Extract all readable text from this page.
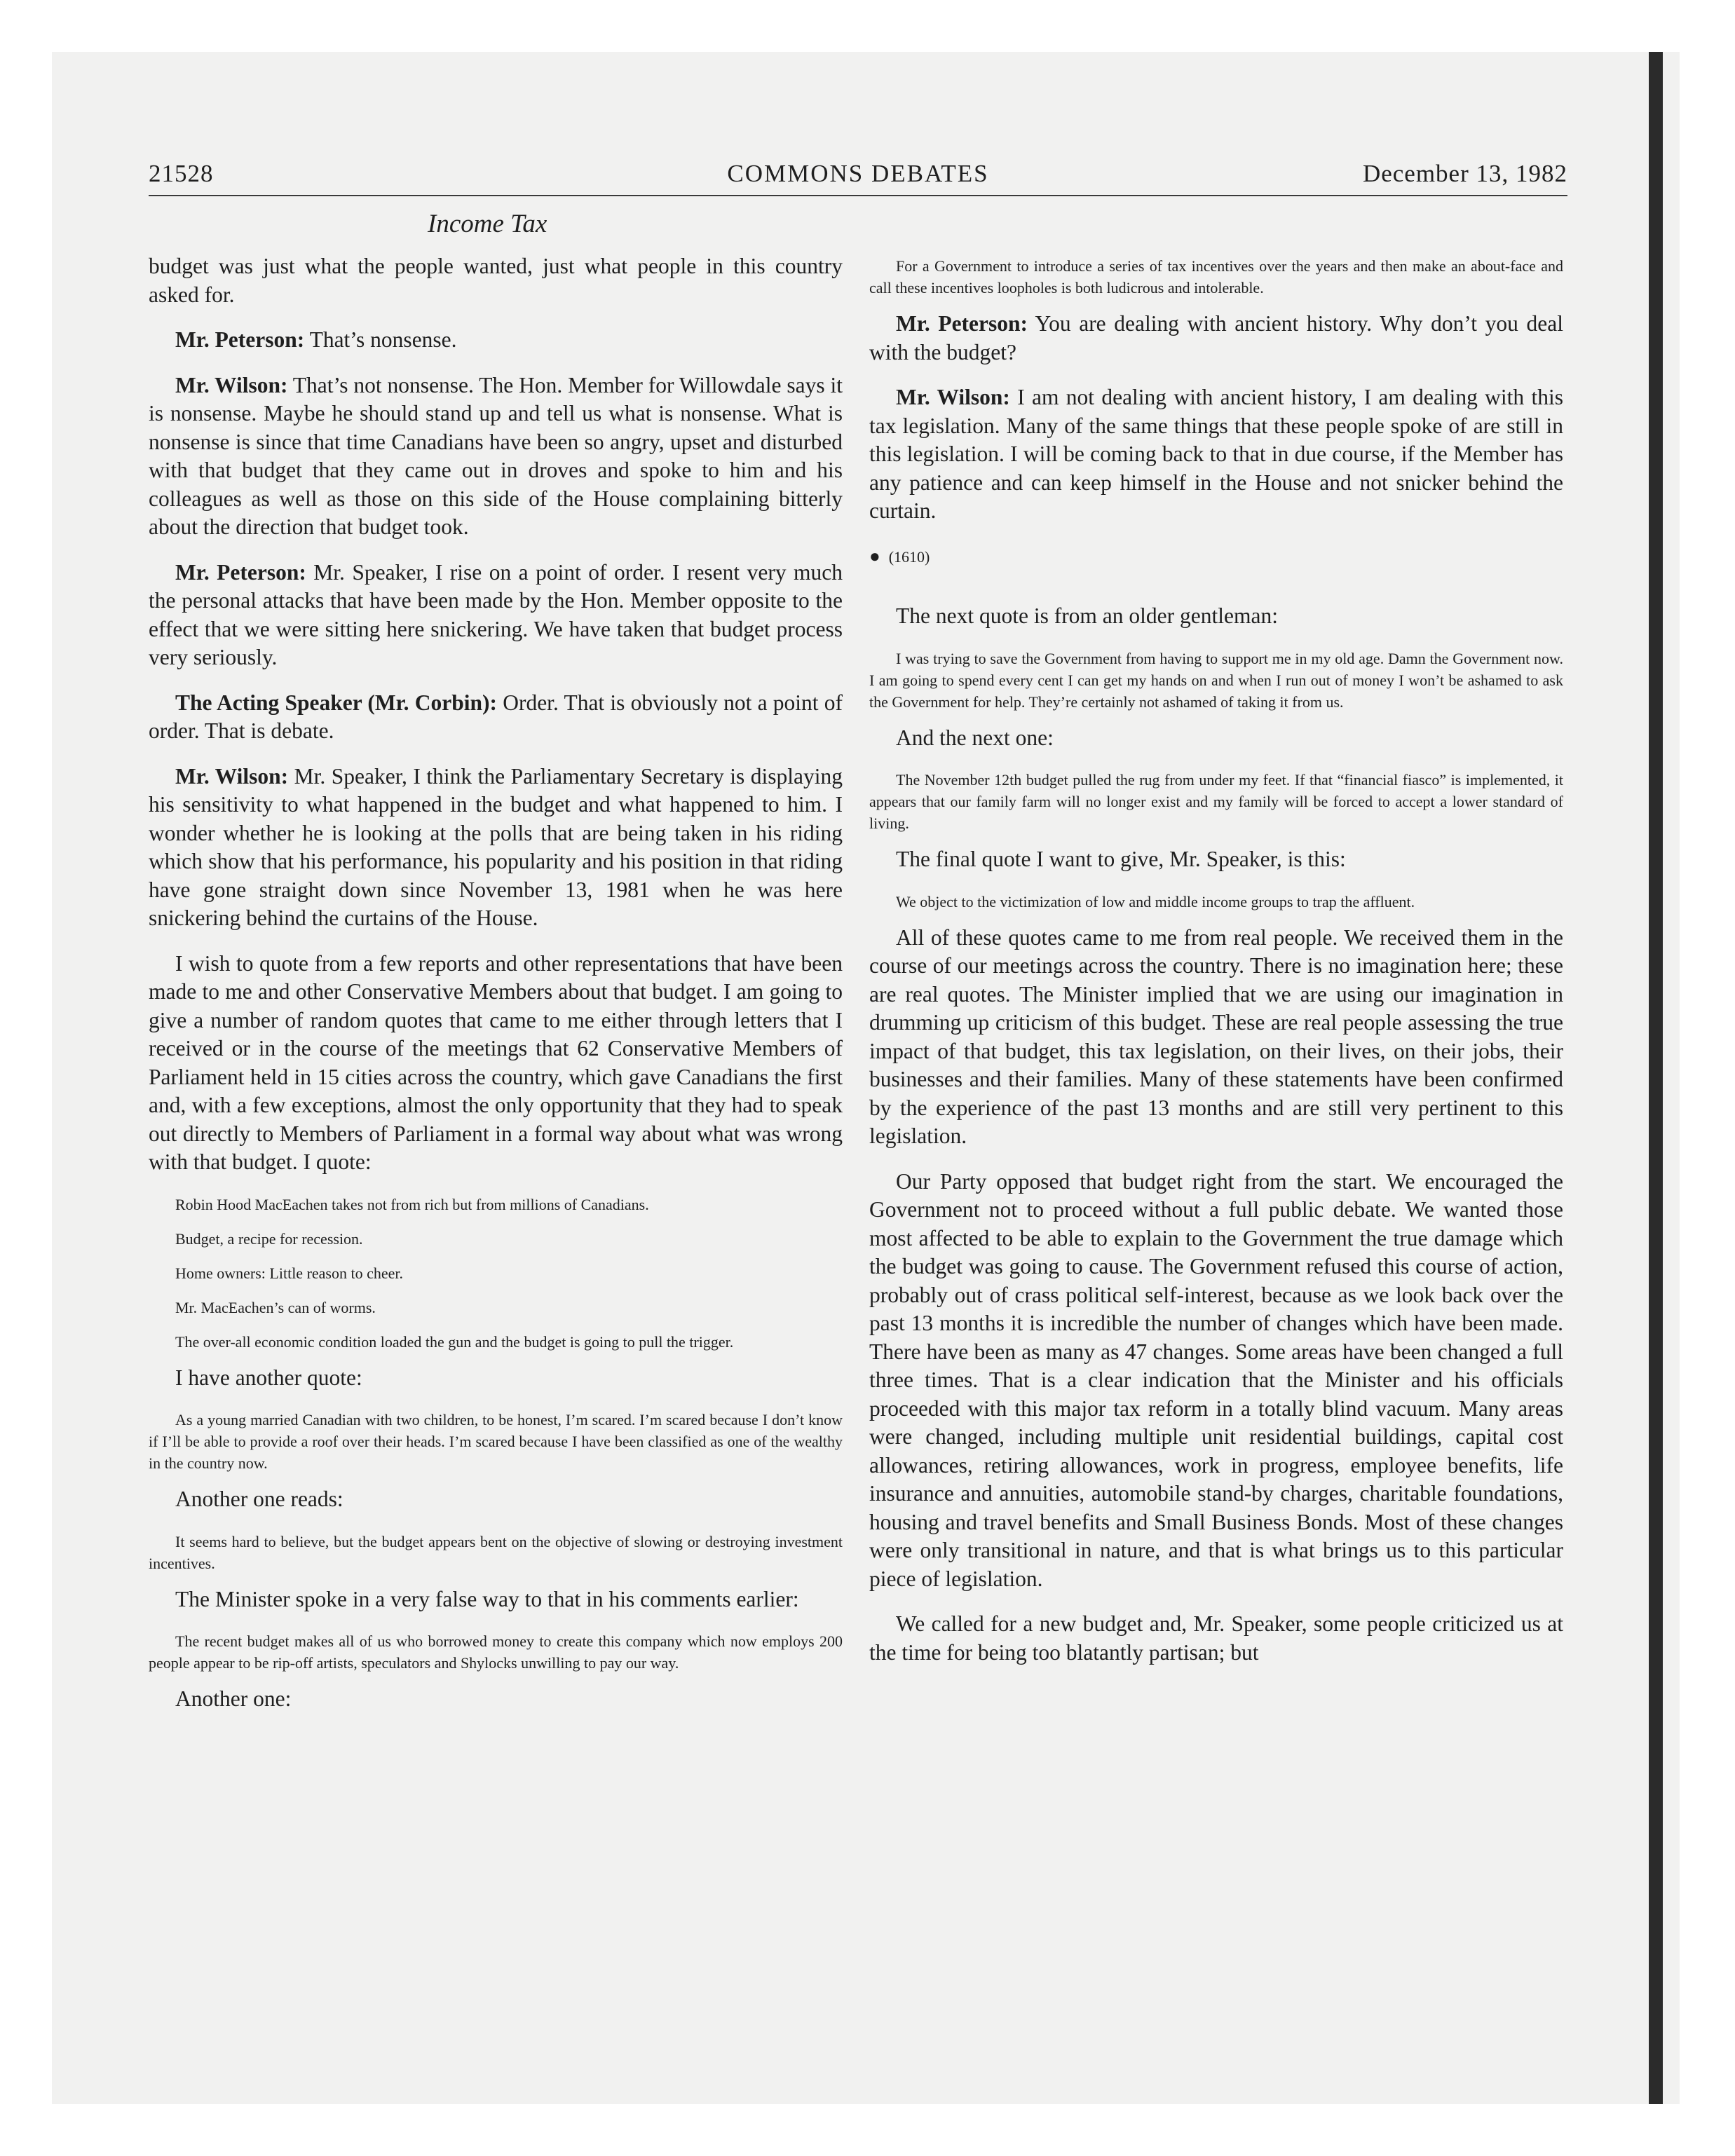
21528	COMMONS DEBATES	December 13, 1982
Income Tax

budget was just what the people wanted, just what people in this country asked for.

Mr. Peterson: That’s nonsense.

Mr. Wilson: That’s not nonsense. The Hon. Member for Willowdale says it is nonsense. Maybe he should stand up and tell us what is nonsense. What is nonsense is since that time Canadians have been so angry, upset and disturbed with that budget that they came out in droves and spoke to him and his colleagues as well as those on this side of the House complaining bitterly about the direction that budget took.

Mr. Peterson: Mr. Speaker, I rise on a point of order. I resent very much the personal attacks that have been made by the Hon. Member opposite to the effect that we were sitting here snickering. We have taken that budget process very seriously.

The Acting Speaker (Mr. Corbin): Order. That is obviously not a point of order. That is debate.

Mr. Wilson: Mr. Speaker, I think the Parliamentary Secretary is displaying his sensitivity to what happened in the budget and what happened to him. I wonder whether he is looking at the polls that are being taken in his riding which show that his performance, his popularity and his position in that riding have gone straight down since November 13, 1981 when he was here snickering behind the curtains of the House.

I wish to quote from a few reports and other representations that have been made to me and other Conservative Members about that budget. I am going to give a number of random quotes that came to me either through letters that I received or in the course of the meetings that 62 Conservative Members of Parliament held in 15 cities across the country, which gave Canadians the first and, with a few exceptions, almost the only opportunity that they had to speak out directly to Members of Parliament in a formal way about what was wrong with that budget. I quote:

Robin Hood MacEachen takes not from rich but from millions of Canadians.

Budget, a recipe for recession.

Home owners: Little reason to cheer.

Mr. MacEachen’s can of worms.

The over-all economic condition loaded the gun and the budget is going to pull the trigger.

I have another quote:

As a young married Canadian with two children, to be honest, I’m scared. I’m scared because I don’t know if I’ll be able to provide a roof over their heads. I’m scared because I have been classified as one of the wealthy in the country now.

Another one reads:

It seems hard to believe, but the budget appears bent on the objective of slowing or destroying investment incentives.

The Minister spoke in a very false way to that in his comments earlier:

The recent budget makes all of us who borrowed money to create this company which now employs 200 people appear to be rip-off artists, speculators and Shylocks unwilling to pay our way.

Another one:

For a Government to introduce a series of tax incentives over the years and then make an about-face and call these incentives loopholes is both ludicrous and intolerable.

Mr. Peterson: You are dealing with ancient history. Why don’t you deal with the budget?

Mr. Wilson: I am not dealing with ancient history, I am dealing with this tax legislation. Many of the same things that these people spoke of are still in this legislation. I will be coming back to that in due course, if the Member has any patience and can keep himself in the House and not snicker behind the curtain.

● (1610)

The next quote is from an older gentleman:

I was trying to save the Government from having to support me in my old age. Damn the Government now. I am going to spend every cent I can get my hands on and when I run out of money I won’t be ashamed to ask the Government for help. They’re certainly not ashamed of taking it from us.

And the next one:

The November 12th budget pulled the rug from under my feet. If that “financial fiasco” is implemented, it appears that our family farm will no longer exist and my family will be forced to accept a lower standard of living.

The final quote I want to give, Mr. Speaker, is this:

We object to the victimization of low and middle income groups to trap the affluent.

All of these quotes came to me from real people. We received them in the course of our meetings across the country. There is no imagination here; these are real quotes. The Minister implied that we are using our imagination in drumming up criticism of this budget. These are real people assessing the true impact of that budget, this tax legislation, on their lives, on their jobs, their businesses and their families. Many of these statements have been confirmed by the experience of the past 13 months and are still very pertinent to this legislation.

Our Party opposed that budget right from the start. We encouraged the Government not to proceed without a full public debate. We wanted those most affected to be able to explain to the Government the true damage which the budget was going to cause. The Government refused this course of action, probably out of crass political self-interest, because as we look back over the past 13 months it is incredible the number of changes which have been made. There have been as many as 47 changes. Some areas have been changed a full three times. That is a clear indication that the Minister and his officials proceeded with this major tax reform in a totally blind vacuum. Many areas were changed, including multiple unit residential buildings, capital cost allowances, retiring allowances, work in progress, employee benefits, life insurance and annuities, automobile stand-by charges, charitable foundations, housing and travel benefits and Small Business Bonds. Most of these changes were only transitional in nature, and that is what brings us to this particular piece of legislation.

We called for a new budget and, Mr. Speaker, some people criticized us at the time for being too blatantly partisan; but
